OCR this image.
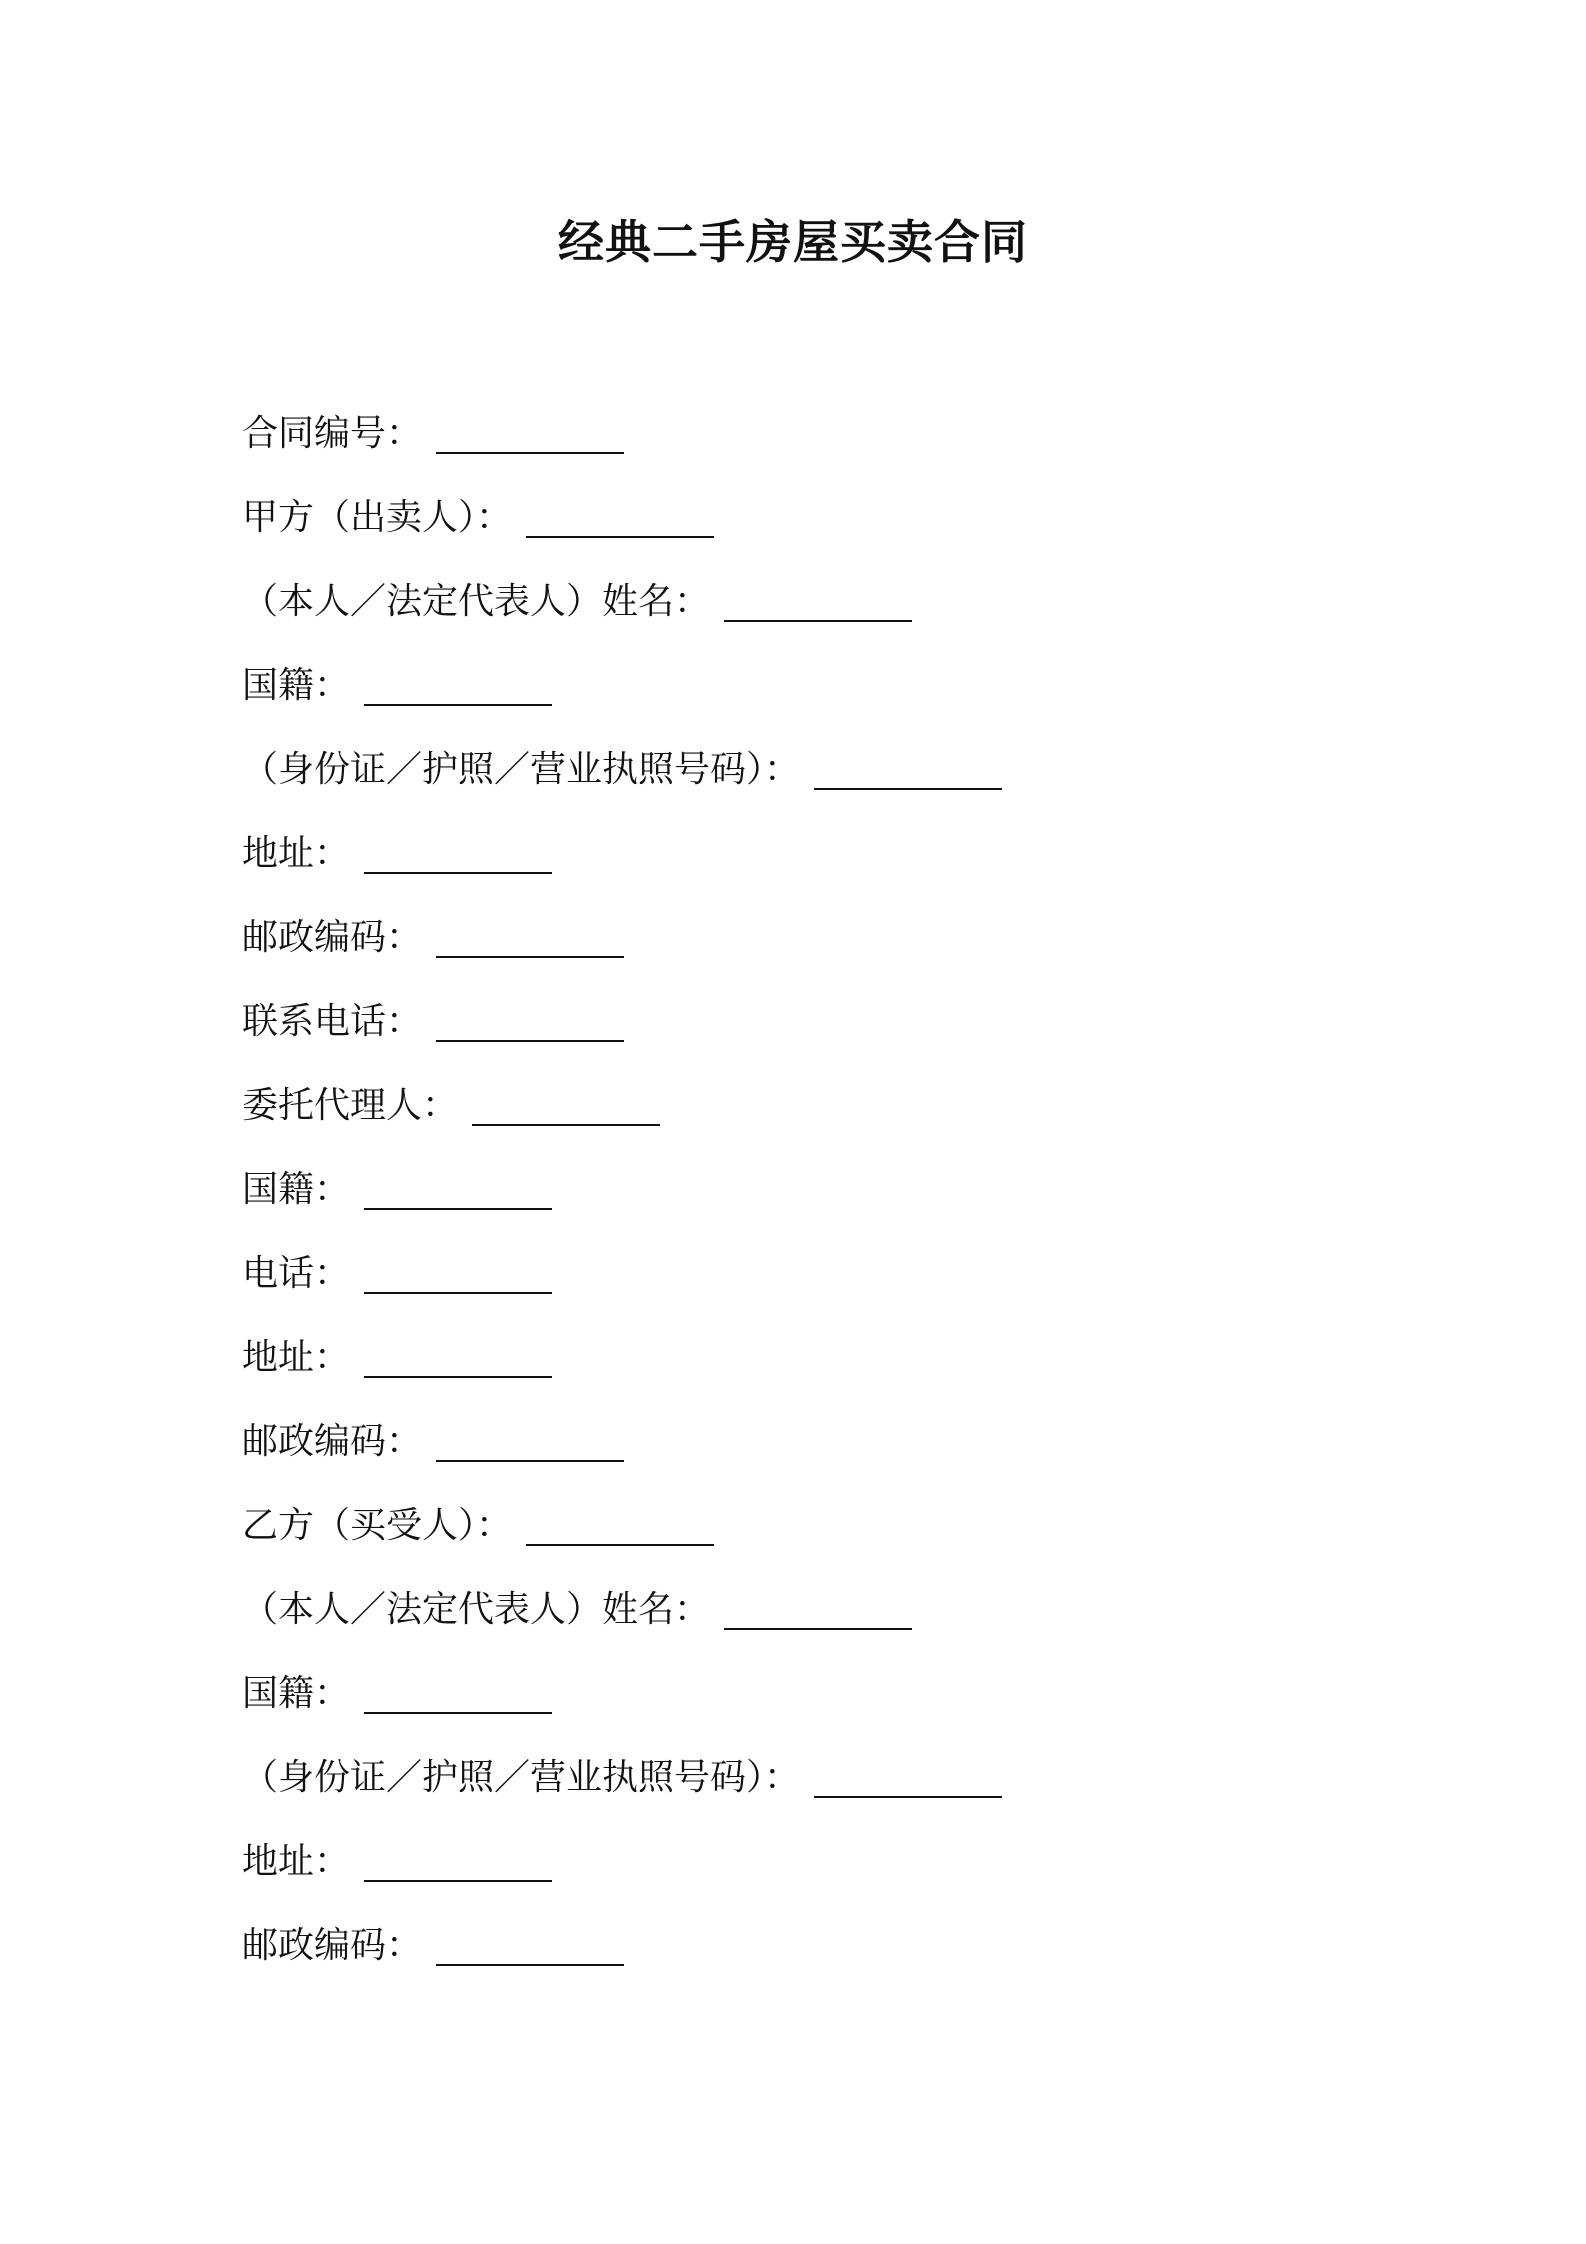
经典二手房屋买卖合同
合同编号：
甲方（出卖人）：
（本人／法定代表人）姓名：
国籍：
（身份证／护照／营业执照号码）：
地址：
邮政编码：
联系电话：
委托代理人：
国籍：
电话：
地址：
邮政编码：
乙方（买受人）：
（本人／法定代表人）姓名：
国籍：
（身份证／护照／营业执照号码）：
地址：
邮政编码：
